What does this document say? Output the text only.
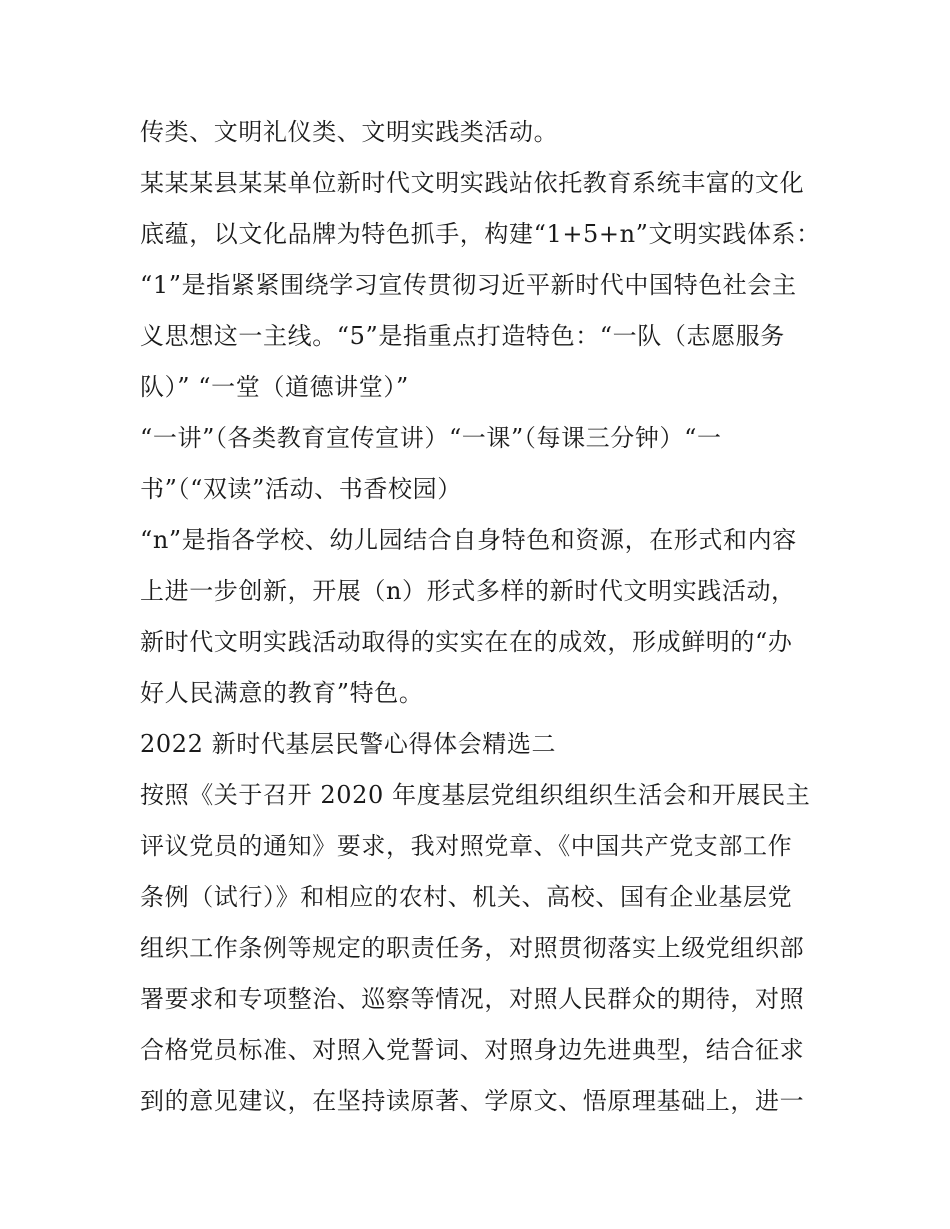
传类、文明礼仪类、文明实践类活动。
某某某县某某单位新时代文明实践站依托教育系统丰富的文化
底蕴，以文化品牌为特色抓手，构建“1+5+n”文明实践体系：
“1”是指紧紧围绕学习宣传贯彻习近平新时代中国特色社会主
义思想这一主线。“5”是指重点打造特色：“一队（志愿服务
队）” “一堂（道德讲堂）”
“一讲”（各类教育宣传宣讲）“一课”（每课三分钟）“一
书”（“双读”活动、书香校园）
“n”是指各学校、幼儿园结合自身特色和资源，在形式和内容
上进一步创新，开展（n）形式多样的新时代文明实践活动，
新时代文明实践活动取得的实实在在的成效，形成鲜明的“办
好人民满意的教育”特色。
2022 新时代基层民警心得体会精选二
按照《关于召开 2020 年度基层党组织组织生活会和开展民主
评议党员的通知》要求，我对照党章、《中国共产党支部工作
条例（试行）》和相应的农村、机关、高校、国有企业基层党
组织工作条例等规定的职责任务，对照贯彻落实上级党组织部
署要求和专项整治、巡察等情况，对照人民群众的期待，对照
合格党员标准、对照入党誓词、对照身边先进典型，结合征求
到的意见建议，在坚持读原著、学原文、悟原理基础上，进一
